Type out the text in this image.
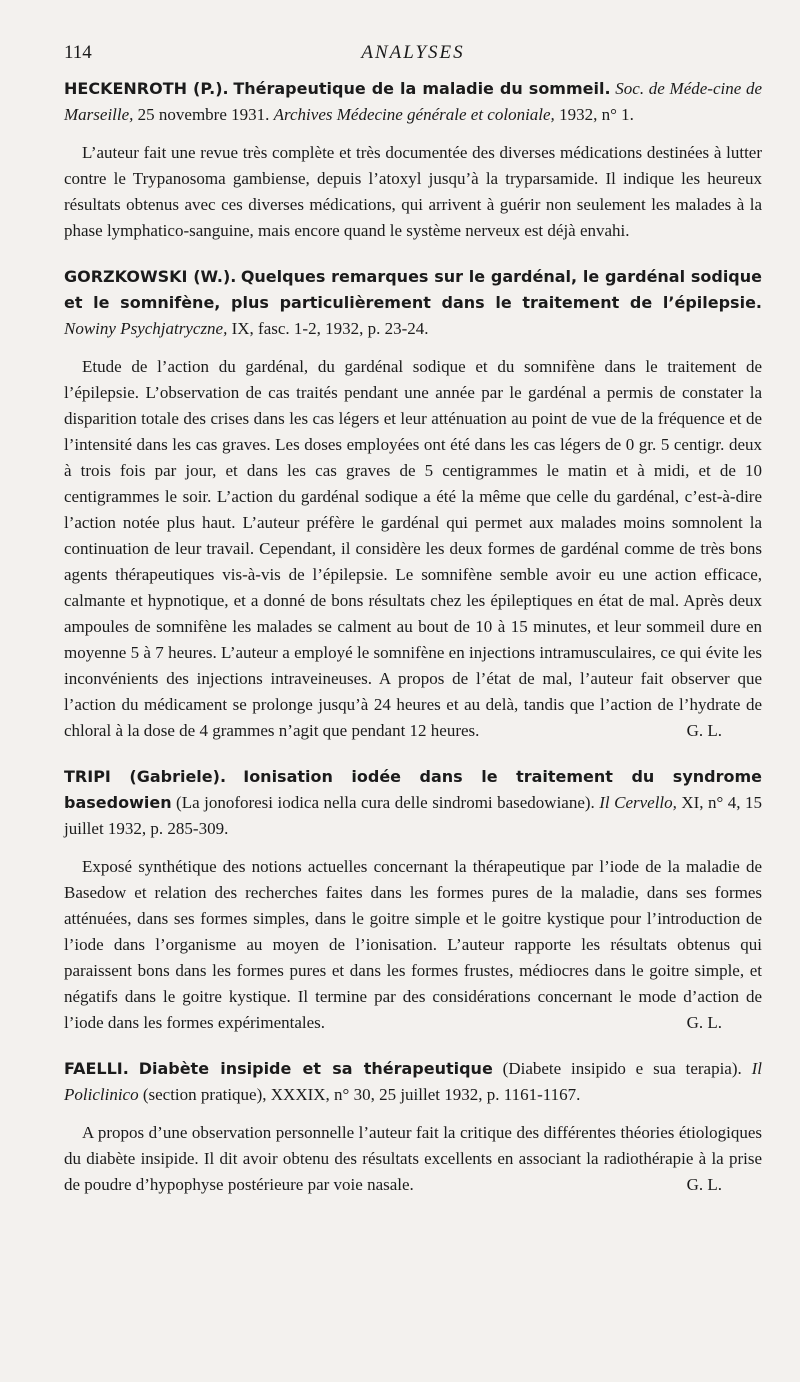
114	ANALYSES

HECKENROTH (P.). Thérapeutique de la maladie du sommeil. Soc. de Méde-cine de Marseille, 25 novembre 1931. Archives Médecine générale et coloniale, 1932, n° 1.

L’auteur fait une revue très complète et très documentée des diverses médications destinées à lutter contre le Trypanosoma gambiense, depuis l’atoxyl jusqu’à la tryparsamide. Il indique les heureux résultats obtenus avec ces diverses médications, qui arrivent à guérir non seulement les malades à la phase lymphatico-sanguine, mais encore quand le système nerveux est déjà envahi.

GORZKOWSKI (W.). Quelques remarques sur le gardénal, le gardénal sodique et le somnifène, plus particulièrement dans le traitement de l’épilepsie. Nowiny Psychjatryczne, IX, fasc. 1-2, 1932, p. 23-24.

Etude de l’action du gardénal, du gardénal sodique et du somnifène dans le traitement de l’épilepsie. L’observation de cas traités pendant une année par le gardénal a permis de constater la disparition totale des crises dans les cas légers et leur atténuation au point de vue de la fréquence et de l’intensité dans les cas graves. Les doses employées ont été dans les cas légers de 0 gr. 5 centigr. deux à trois fois par jour, et dans les cas graves de 5 centigrammes le matin et à midi, et de 10 centigrammes le soir. L’action du gardénal sodique a été la même que celle du gardénal, c’est-à-dire l’action notée plus haut. L’auteur préfère le gardénal qui permet aux malades moins somnolent la continuation de leur travail. Cependant, il considère les deux formes de gardénal comme de très bons agents thérapeutiques vis-à-vis de l’épilepsie. Le somnifène semble avoir eu une action efficace, calmante et hypnotique, et a donné de bons résultats chez les épileptiques en état de mal. Après deux ampoules de somnifène les malades se calment au bout de 10 à 15 minutes, et leur sommeil dure en moyenne 5 à 7 heures. L’auteur a employé le somnifène en injections intramusculaires, ce qui évite les inconvénients des injections intraveineuses. A propos de l’état de mal, l’auteur fait observer que l’action du médicament se prolonge jusqu’à 24 heures et au delà, tandis que l’action de l’hydrate de chloral à la dose de 4 grammes n’agit que pendant 12 heures.	G. L.

TRIPI (Gabriele). Ionisation iodée dans le traitement du syndrome basedowien (La jonoforesi iodica nella cura delle sindromi basedowiane). Il Cervello, XI, n° 4, 15 juillet 1932, p. 285-309.

Exposé synthétique des notions actuelles concernant la thérapeutique par l’iode de la maladie de Basedow et relation des recherches faites dans les formes pures de la maladie, dans ses formes atténuées, dans ses formes simples, dans le goitre simple et le goitre kystique pour l’introduction de l’iode dans l’organisme au moyen de l’ionisation. L’auteur rapporte les résultats obtenus qui paraissent bons dans les formes pures et dans les formes frustes, médiocres dans le goitre simple, et négatifs dans le goitre kystique. Il termine par des considérations concernant le mode d’action de l’iode dans les formes expérimentales.	G. L.

FAELLI. Diabète insipide et sa thérapeutique (Diabete insipido e sua terapia). Il Policlinico (section pratique), XXXIX, n° 30, 25 juillet 1932, p. 1161-1167.

A propos d’une observation personnelle l’auteur fait la critique des différentes théories étiologiques du diabète insipide. Il dit avoir obtenu des résultats excellents en associant la radiothérapie à la prise de poudre d’hypophyse postérieure par voie nasale.	G. L.
